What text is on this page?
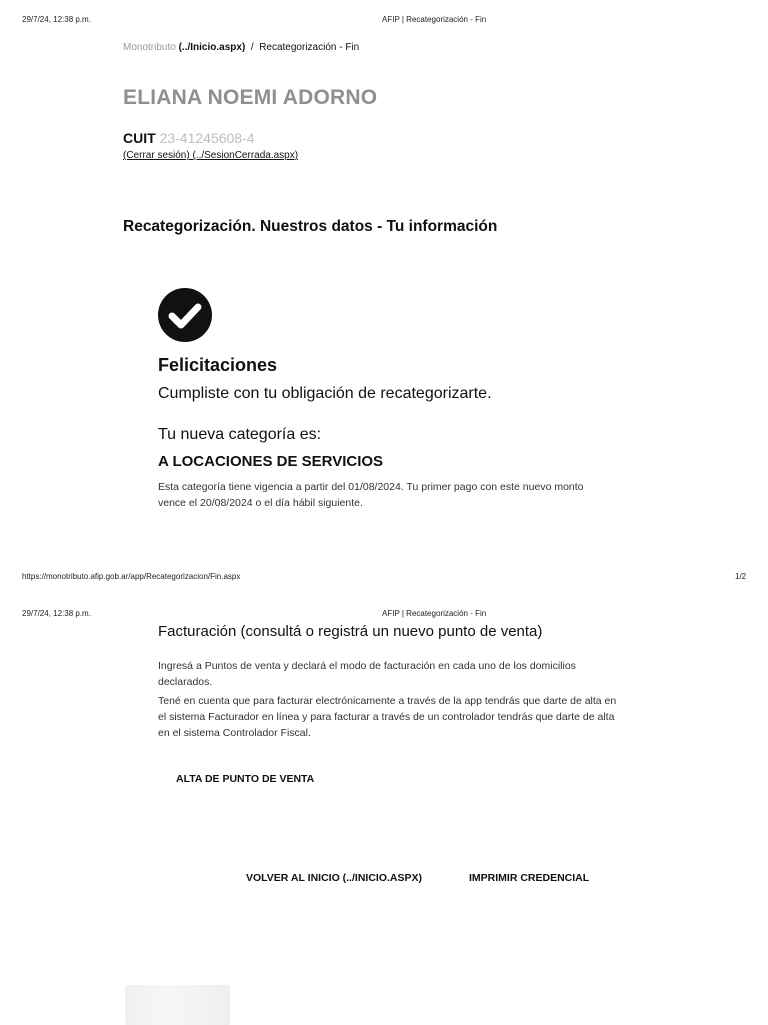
29/7/24, 12:38 p.m.	AFIP | Recategorización - Fin
Monotributo (../Inicio.aspx) / Recategorización - Fin
ELIANA NOEMI ADORNO
CUIT 23-41245608-4
(Cerrar sesión) (../SesionCerrada.aspx)
Recategorización. Nuestros datos - Tu información
Felicitaciones
Cumpliste con tu obligación de recategorizarte.
Tu nueva categoría es:
A LOCACIONES DE SERVICIOS
Esta categoría tiene vigencia a partir del 01/08/2024. Tu primer pago con este nuevo monto vence el 20/08/2024 o el día hábil siguiente.
https://monotributo.afip.gob.ar/app/Recategorizacion/Fin.aspx	1/2
29/7/24, 12:38 p.m.	AFIP | Recategorización - Fin
Facturación (consultá o registrá un nuevo punto de venta)
Ingresá a Puntos de venta y declará el modo de facturación en cada uno de los domicilios declarados.
Tené en cuenta que para facturar electrónicamente a través de la app tendrás que darte de alta en el sistema Facturador en línea y para facturar a través de un controlador tendrás que darte de alta en el sistema Controlador Fiscal.
ALTA DE PUNTO DE VENTA
VOLVER AL INICIO (../INICIO.ASPX)	IMPRIMIR CREDENCIAL
